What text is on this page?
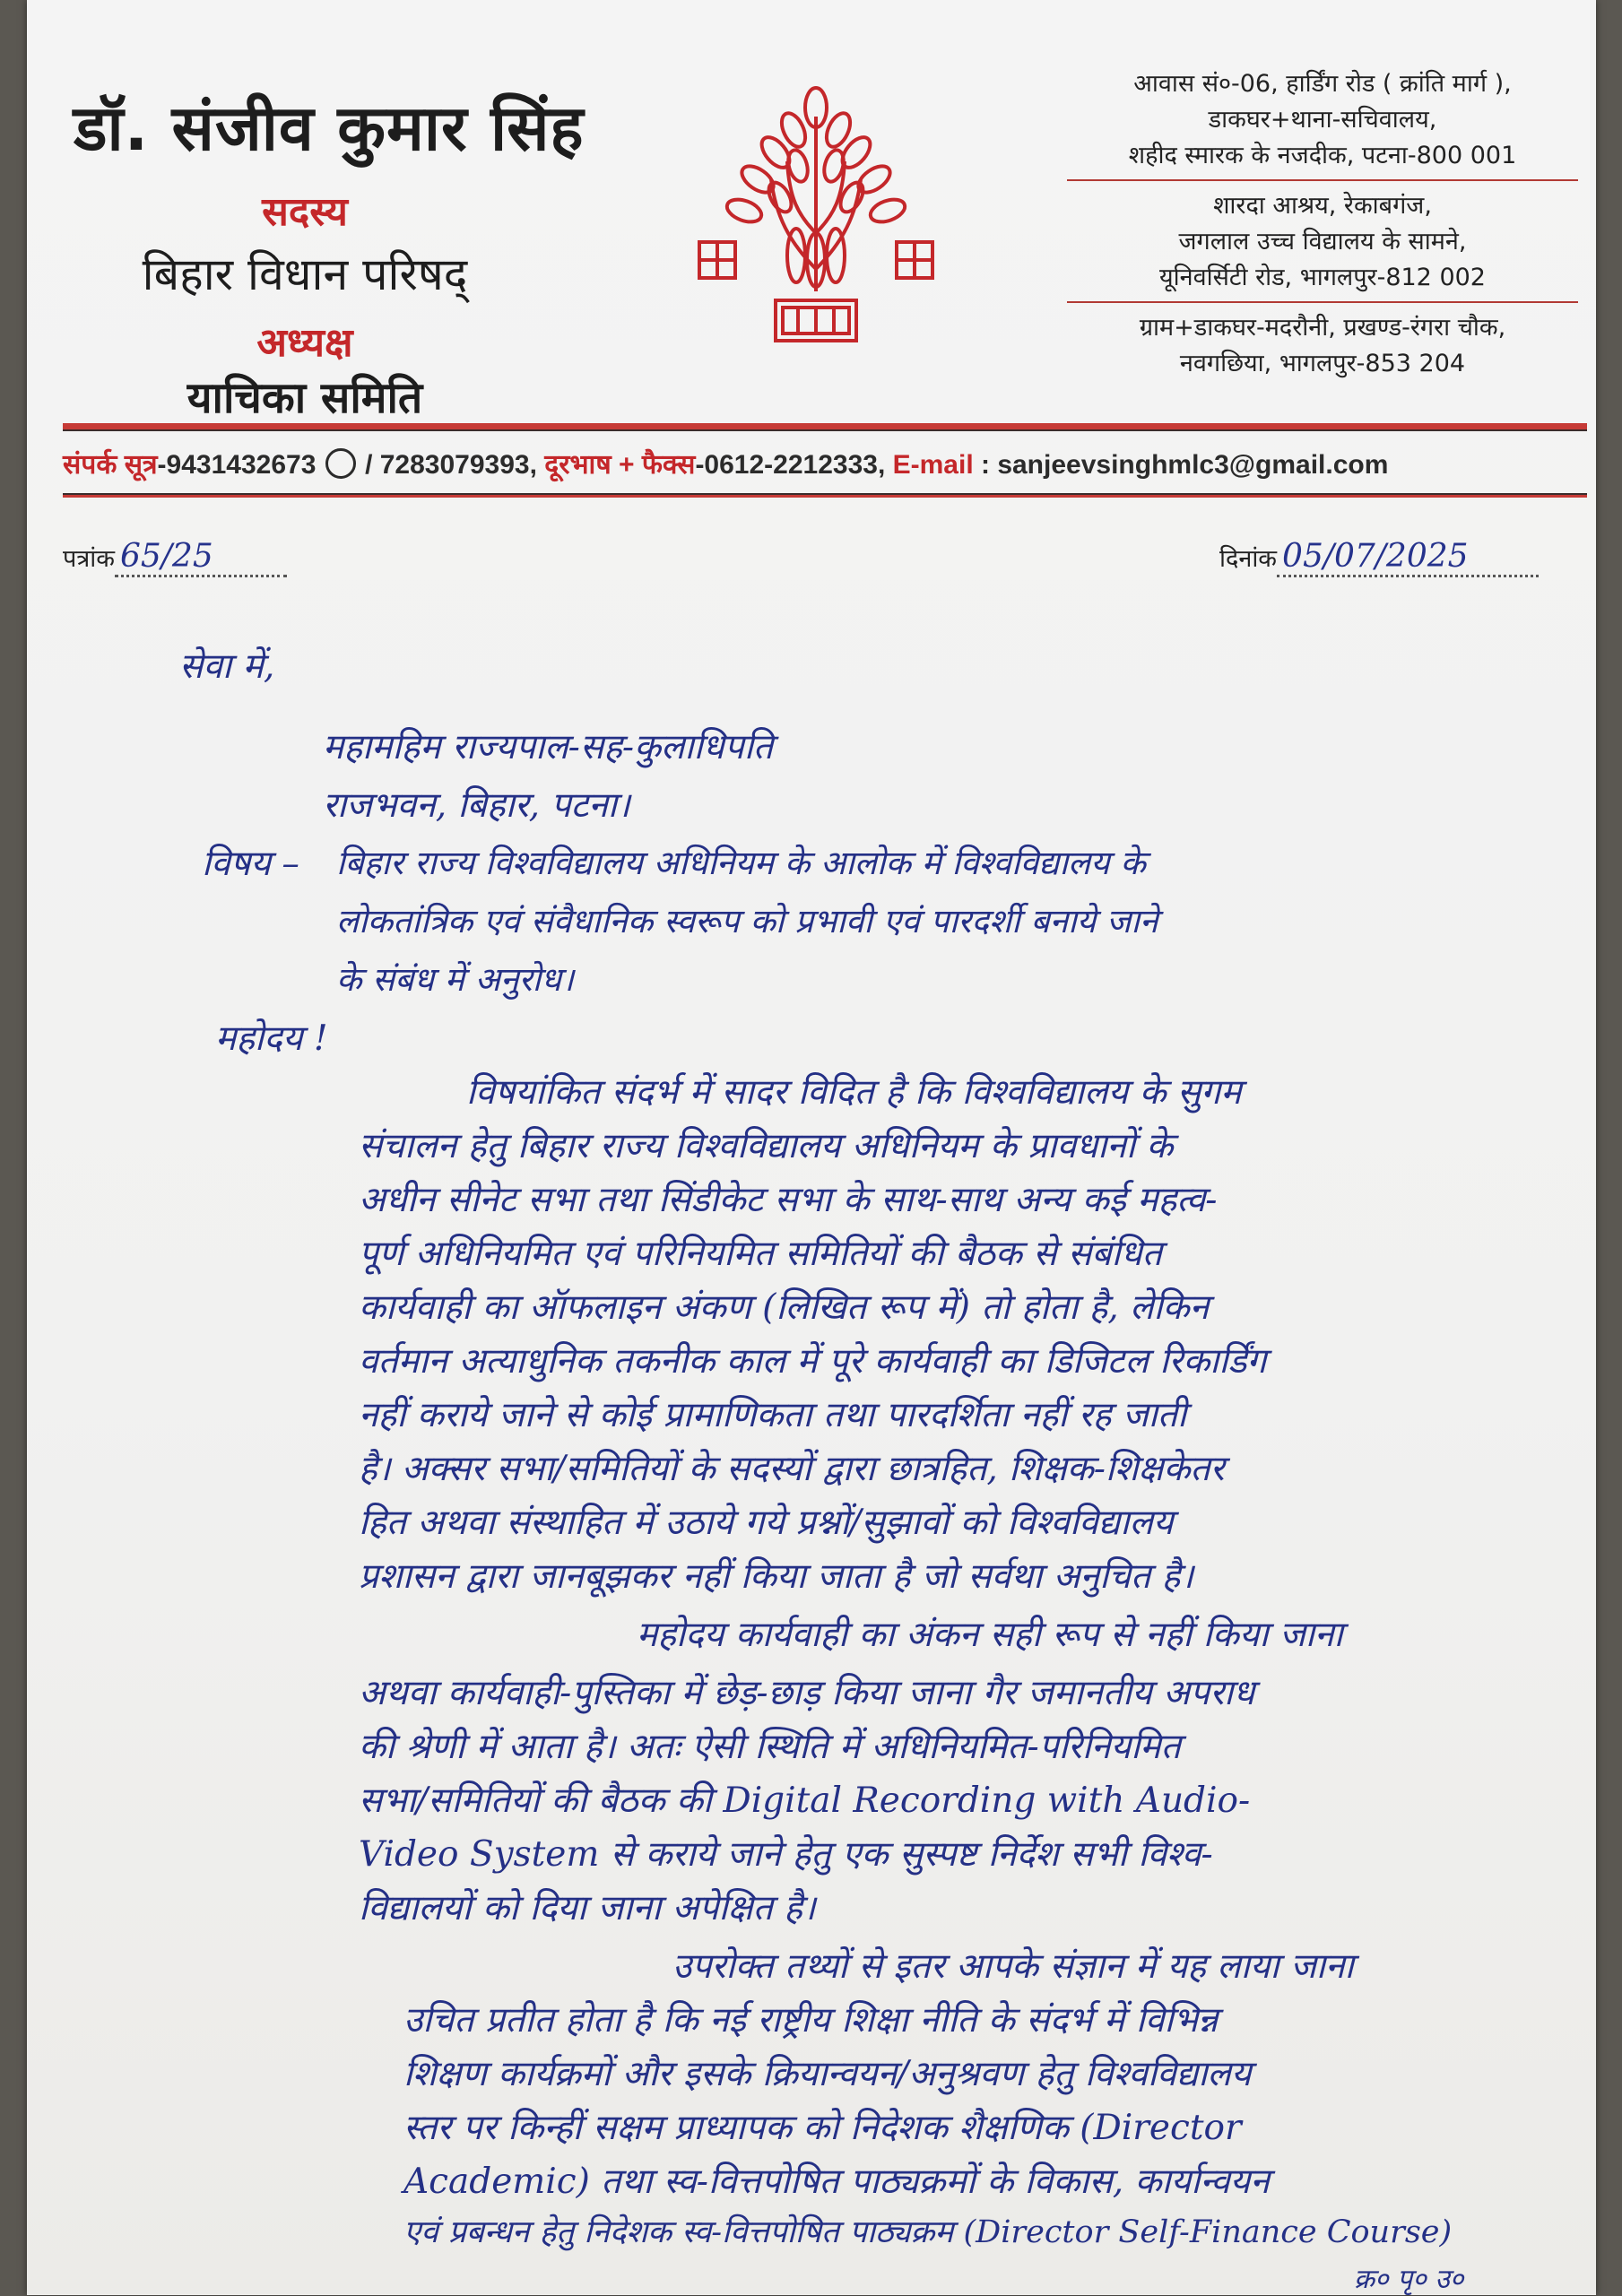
डॉ. संजीव कुमार सिंह
सदस्य
बिहार विधान परिषद्
अध्यक्ष
याचिका समिति
आवास सं०-06, हार्डिंग रोड ( क्रांति मार्ग ),
डाकघर+थाना-सचिवालय,
शहीद स्मारक के नजदीक, पटना-800 001
शारदा आश्रय, रेकाबगंज,
जगलाल उच्च विद्यालय के सामने,
यूनिवर्सिटी रोड, भागलपुर-812 002
ग्राम+डाकघर-मदरौनी, प्रखण्ड-रंगरा चौक,
नवगछिया, भागलपुर-853 204
संपर्क सूत्र-9431432673  / 7283079393, दूरभाष + फैक्स-0612-2212333, E-mail : sanjeevsinghmlc3@gmail.com
पत्रांक 65/25	दिनांक 05/07/2025
सेवा में,
महामहिम राज्यपाल-सह-कुलाधिपति
राजभवन, बिहार, पटना।
विषय – बिहार राज्य विश्वविद्यालय अधिनियम के आलोक में विश्वविद्यालय के
लोकतांत्रिक एवं संवैधानिक स्वरूप को प्रभावी एवं पारदर्शी बनाये जाने
के संबंध में अनुरोध।
महोदय !
विषयांकित संदर्भ में सादर विदित है कि विश्वविद्यालय के सुगम
संचालन हेतु बिहार राज्य विश्वविद्यालय अधिनियम के प्रावधानों के
अधीन सीनेट सभा तथा सिंडीकेट सभा के साथ-साथ अन्य कई महत्व-
पूर्ण अधिनियमित एवं परिनियमित समितियों की बैठक से संबंधित
कार्यवाही का ऑफलाइन अंकण (लिखित रूप में) तो होता है, लेकिन
वर्तमान अत्याधुनिक तकनीक काल में पूरे कार्यवाही का डिजिटल रिकार्डिंग
नहीं कराये जाने से कोई प्रामाणिकता तथा पारदर्शिता नहीं रह जाती
है। अक्सर सभा/समितियों के सदस्यों द्वारा छात्रहित, शिक्षक-शिक्षकेतर
हित अथवा संस्थाहित में उठाये गये प्रश्नों/सुझावों को विश्वविद्यालय
प्रशासन द्वारा जानबूझकर नहीं किया जाता है जो सर्वथा अनुचित है।
महोदय कार्यवाही का अंकन सही रूप से नहीं किया जाना
अथवा कार्यवाही-पुस्तिका में छेड़-छाड़ किया जाना गैर जमानतीय अपराध
की श्रेणी में आता है। अतः ऐसी स्थिति में अधिनियमित-परिनियमित
सभा/समितियों की बैठक की Digital Recording with Audio-
Video System से कराये जाने हेतु एक सुस्पष्ट निर्देश सभी विश्व-
विद्यालयों को दिया जाना अपेक्षित है।
उपरोक्त तथ्यों से इतर आपके संज्ञान में यह लाया जाना
उचित प्रतीत होता है कि नई राष्ट्रीय शिक्षा नीति के संदर्भ में विभिन्न
शिक्षण कार्यक्रमों और इसके क्रियान्वयन/अनुश्रवण हेतु विश्वविद्यालय
स्तर पर किन्हीं सक्षम प्राध्यापक को निदेशक शैक्षणिक (Director
Academic) तथा स्व-वित्तपोषित पाठ्यक्रमों के विकास, कार्यान्वयन
एवं प्रबन्धन हेतु निदेशक स्व-वित्तपोषित पाठ्यक्रम (Director Self-Finance Course)
क्र० पृ० उ०
